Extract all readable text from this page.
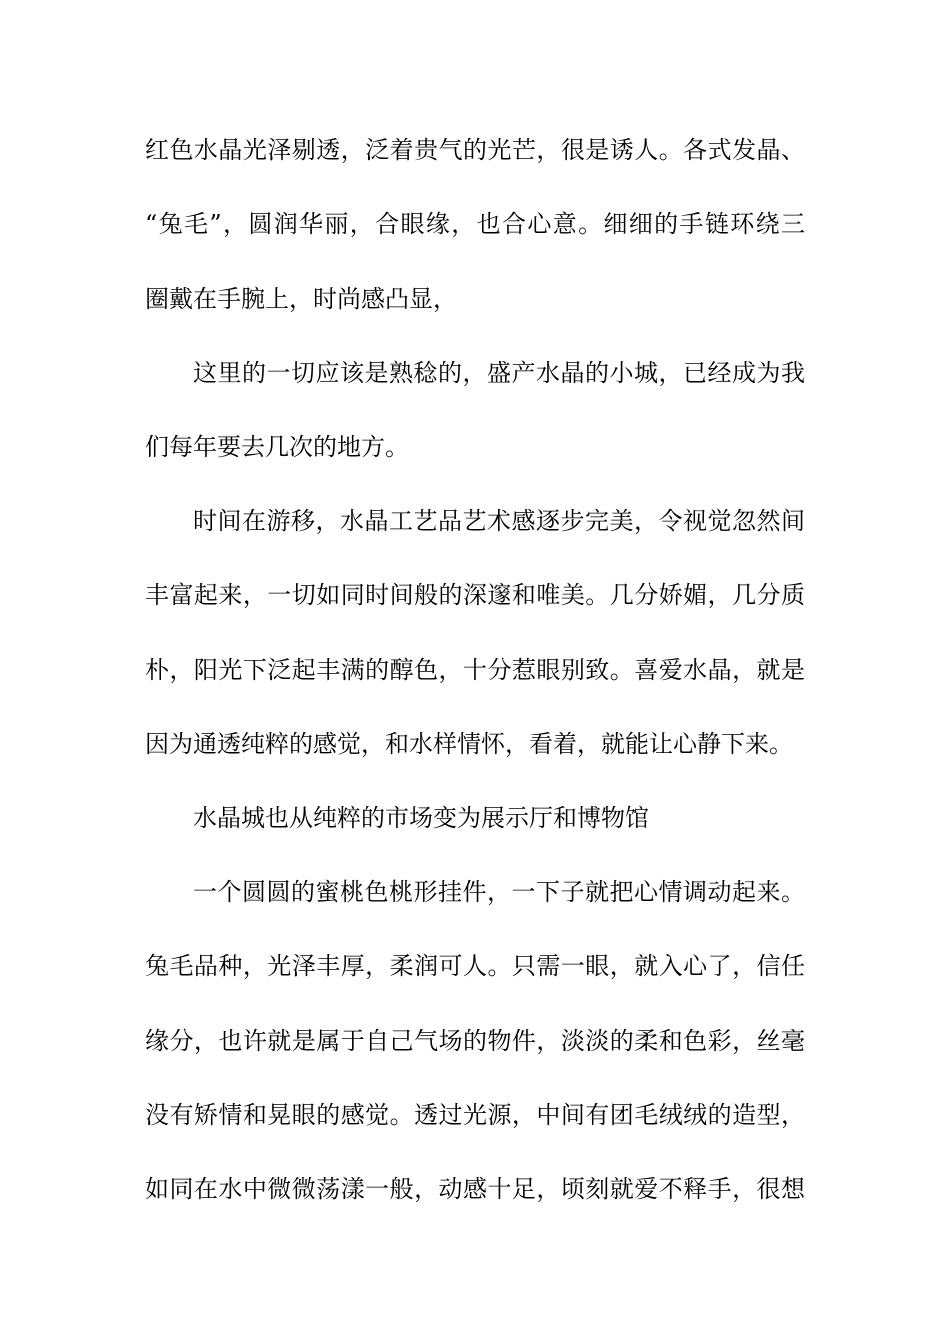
红色水晶光泽剔透，泛着贵气的光芒，很是诱人。各式发晶、
“兔毛”，圆润华丽，合眼缘，也合心意。细细的手链环绕三
圈戴在手腕上，时尚感凸显，
这里的一切应该是熟稔的，盛产水晶的小城，已经成为我
们每年要去几次的地方。
时间在游移，水晶工艺品艺术感逐步完美，令视觉忽然间
丰富起来，一切如同时间般的深邃和唯美。几分娇媚，几分质
朴，阳光下泛起丰满的醇色，十分惹眼别致。喜爱水晶，就是
因为通透纯粹的感觉，和水样情怀，看着，就能让心静下来。
水晶城也从纯粹的市场变为展示厅和博物馆
一个圆圆的蜜桃色桃形挂件，一下子就把心情调动起来。
兔毛品种，光泽丰厚，柔润可人。只需一眼，就入心了，信任
缘分，也许就是属于自己气场的物件，淡淡的柔和色彩，丝毫
没有矫情和晃眼的感觉。透过光源，中间有团毛绒绒的造型，
如同在水中微微荡漾一般，动感十足，顷刻就爱不释手，很想
